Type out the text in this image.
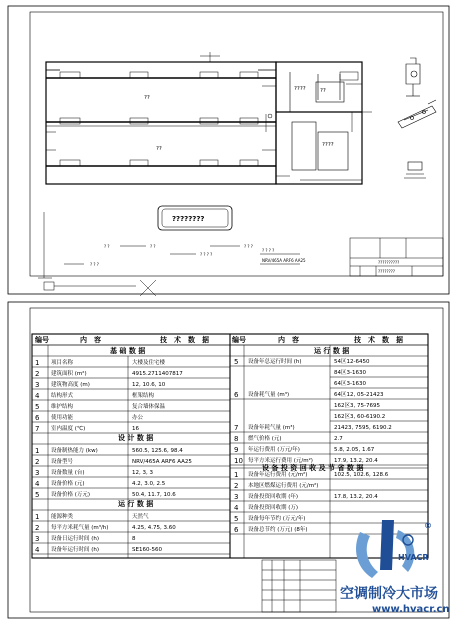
??
??
????	??
????
????????
? ?	? ?
? ? ? ?
? ? ?
? ? ?
? ? ? ?
NRV/465A ARF6 AA25	??????????
????????
编号	内　容	技　术　数　据	编号	内　容	技　术　数　据
基 础 数 据	运 行 数 据
设 计 数 据
运 行 数 据
设 备 投 资 回 收 及 节 省 数 据
1 项目名称	大楼及住宅楼
2 建筑面积 (m²)	4915.2711407817
3 建筑物高度 (m)	12, 10.6, 10
4 结构形式	框架结构
5 维护结构	复合墙体保温
6 使用功能	办公
7 室内温度 (℃)	16
1 设备制热能力 (kw)	560.5, 125.6, 98.4
2 设备型号	NRV/465A ARF6 AA25
3 设备数量 (台)	12, 3, 3
4 设备价格 (元)	4.2, 3.0, 2.5
5 设备价格 (万元)	50.4, 11.7, 10.6
1 能源种类	天然气
2 每平方米耗气量 (m³/h)	4.25, 4.75, 3.60
3 设备日运行时间 (h)	8
4 设备年运行时间 (h)	SE160-560
5 设备年总运行时间 (h)	54区12-6450
84区3-1630
64区3-1630
6 设备耗气量 (m³)	64区12, 05-21423
162区3, 75-7695
162区3, 60-6190.2
7 设备年耗气量 (m³)	21423, 7595, 6190.2
8 燃气价格 (元)	2.7
9 年运行费用 (万元/年)	5.8, 2.05, 1.67
10 每平方米运行费用 (元/m²)	17.9, 13.2, 20.4
1 设备年运行费用 (元/m²)	102.5, 102.6, 128.6
2 本地区燃煤运行费用 (元/m²)
3 设备投资回收期 (年)	17.8, 13.2, 20.4
4 设备投资回收期 (万)
5 设备每年节约 (万元/年)
6 设备总节约 (万元) (8年)
HVACR
®
空调制冷大市场
www.hvacr.cn
